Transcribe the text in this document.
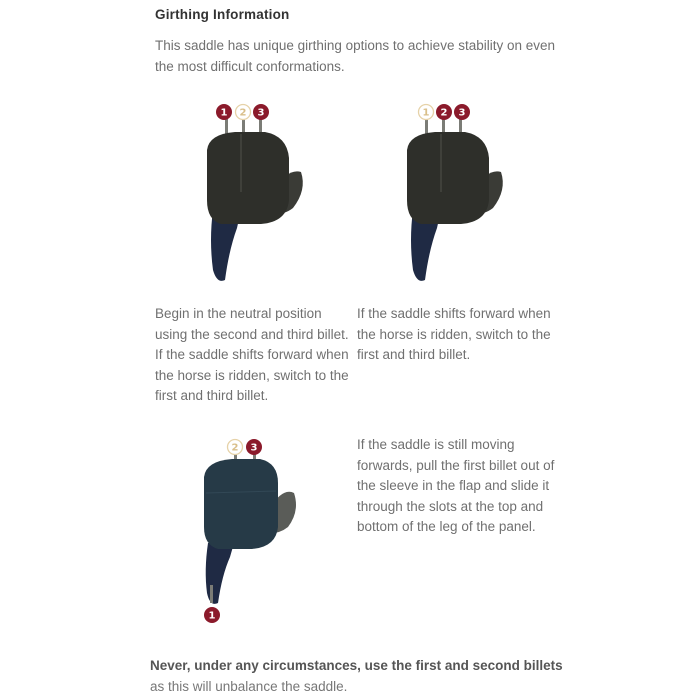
Girthing Information
This saddle has unique girthing options to achieve stability on even the most difficult conformations.
1 2 3	1 2 3
2 3
1
Begin in the neutral position using the second and third billet. If the saddle shifts forward when the horse is ridden, switch to the first and third billet.
If the saddle shifts forward when the horse is ridden, switch to the first and third billet.
If the saddle is still moving forwards, pull the first billet out of the sleeve in the flap and slide it through the slots at the top and bottom of the leg of the panel.
Never, under any circumstances, use the first and second billets as this will unbalance the saddle.
